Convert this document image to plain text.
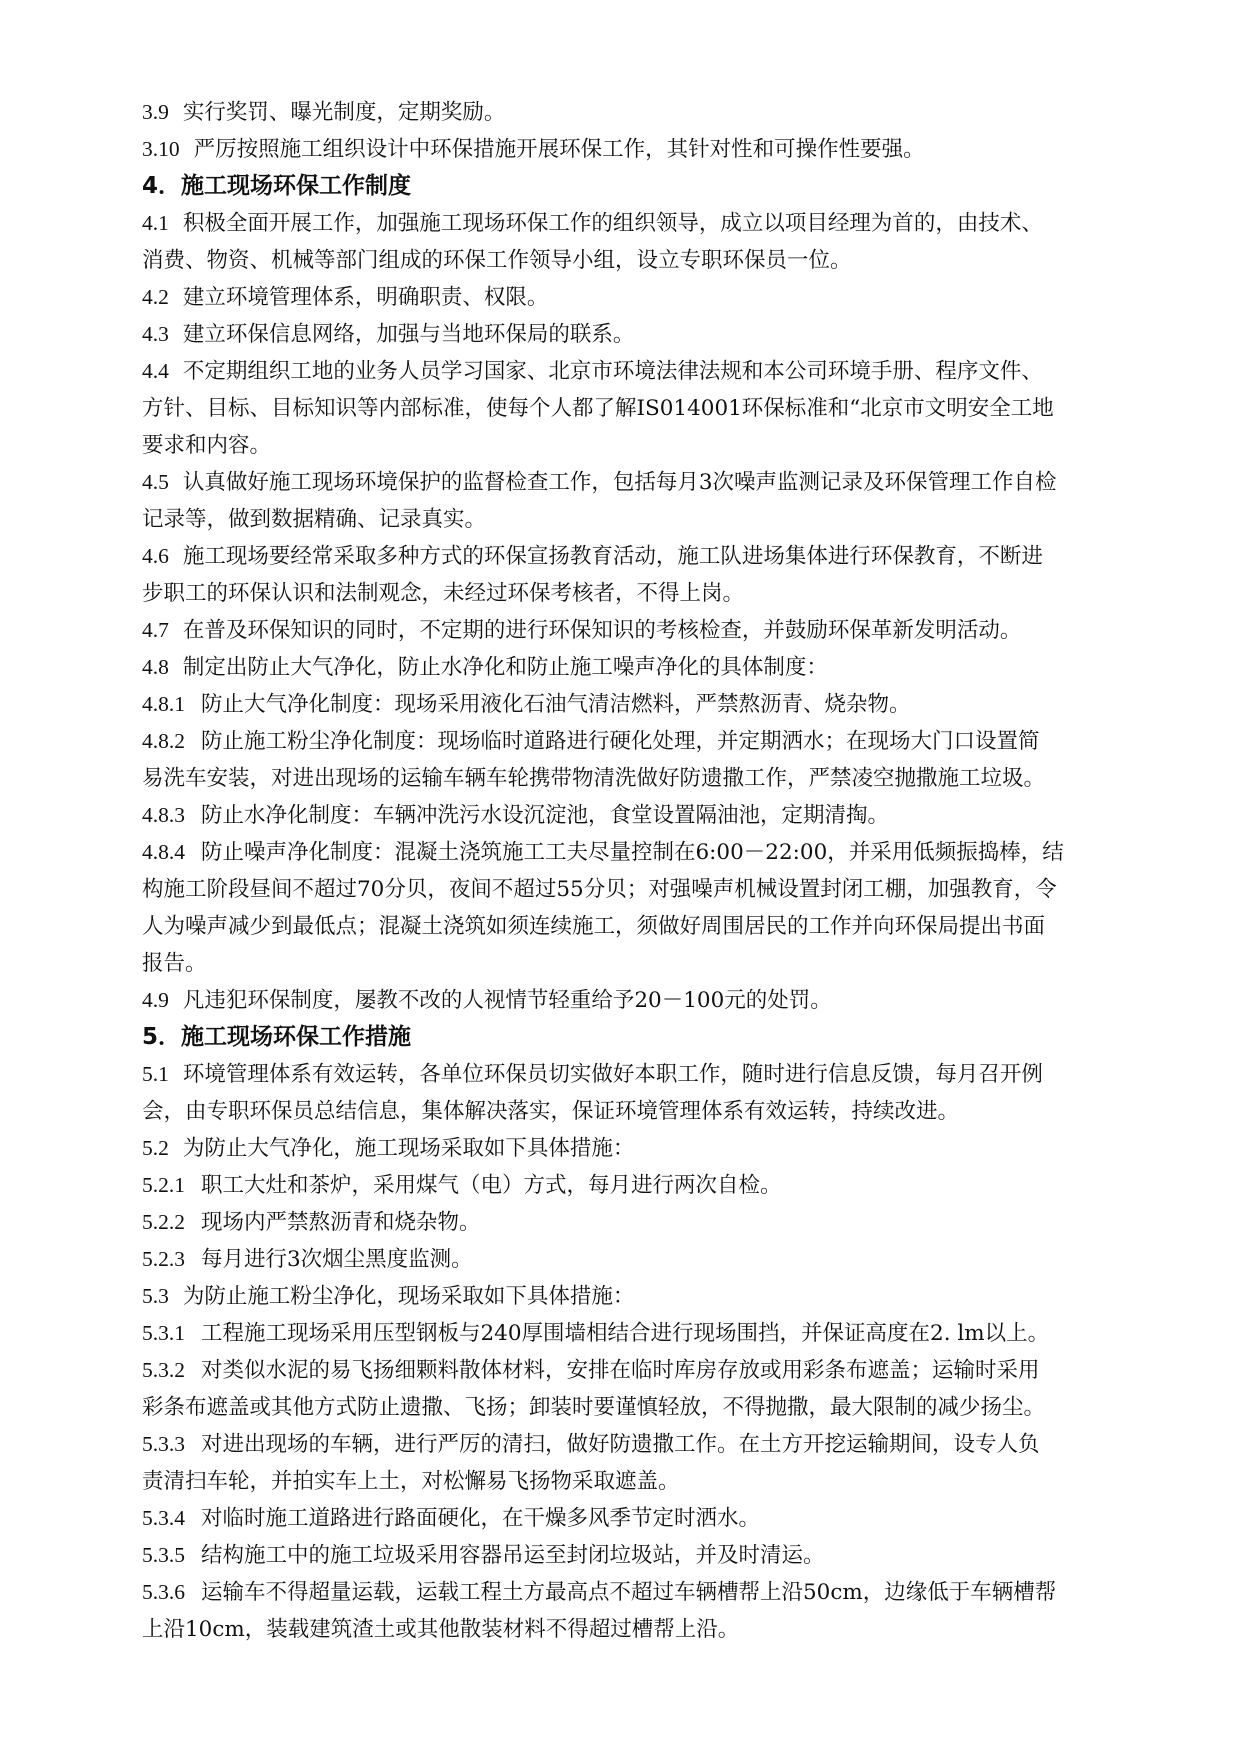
3.9 实行奖罚、曝光制度，定期奖励。

3.10 严厉按照施工组织设计中环保措施开展环保工作，其针对性和可操作性要强。

4．施工现场环保工作制度

4.1 积极全面开展工作，加强施工现场环保工作的组织领导，成立以项目经理为首的，由技术、

消费、物资、机械等部门组成的环保工作领导小组，设立专职环保员一位。

4.2 建立环境管理体系，明确职责、权限。

4.3 建立环保信息网络，加强与当地环保局的联系。

4.4 不定期组织工地的业务人员学习国家、北京市环境法律法规和本公司环境手册、程序文件、

方针、目标、目标知识等内部标准，使每个人都了解IS014001环保标准和“北京市文明安全工地

要求和内容。

4.5 认真做好施工现场环境保护的监督检查工作，包括每月3次噪声监测记录及环保管理工作自检

记录等，做到数据精确、记录真实。

4.6 施工现场要经常采取多种方式的环保宣扬教育活动，施工队进场集体进行环保教育，不断进

步职工的环保认识和法制观念，未经过环保考核者，不得上岗。

4.7 在普及环保知识的同时，不定期的进行环保知识的考核检查，并鼓励环保革新发明活动。

4.8 制定出防止大气净化，防止水净化和防止施工噪声净化的具体制度：

4.8.1 防止大气净化制度：现场采用液化石油气清洁燃料，严禁熬沥青、烧杂物。

4.8.2 防止施工粉尘净化制度：现场临时道路进行硬化处理，并定期洒水；在现场大门口设置简

易洗车安装，对进出现场的运输车辆车轮携带物清洗做好防遗撒工作，严禁凌空抛撒施工垃圾。

4.8.3 防止水净化制度：车辆冲洗污水设沉淀池，食堂设置隔油池，定期清掏。

4.8.4 防止噪声净化制度：混凝土浇筑施工工夫尽量控制在6:00－22:00，并采用低频振捣棒，结

构施工阶段昼间不超过70分贝，夜间不超过55分贝；对强噪声机械设置封闭工棚，加强教育，令

人为噪声减少到最低点；混凝土浇筑如须连续施工，须做好周围居民的工作并向环保局提出书面

报告。

4.9 凡违犯环保制度，屡教不改的人视情节轻重给予20－100元的处罚。

5．施工现场环保工作措施

5.1 环境管理体系有效运转，各单位环保员切实做好本职工作，随时进行信息反馈，每月召开例

会，由专职环保员总结信息，集体解决落实，保证环境管理体系有效运转，持续改进。

5.2 为防止大气净化，施工现场采取如下具体措施：

5.2.1 职工大灶和茶炉，采用煤气（电）方式，每月进行两次自检。

5.2.2 现场内严禁熬沥青和烧杂物。

5.2.3 每月进行3次烟尘黑度监测。

5.3 为防止施工粉尘净化，现场采取如下具体措施：

5.3.1 工程施工现场采用压型钢板与240厚围墙相结合进行现场围挡，并保证高度在2. lm以上。

5.3.2 对类似水泥的易飞扬细颗料散体材料，安排在临时库房存放或用彩条布遮盖；运输时采用

彩条布遮盖或其他方式防止遗撒、飞扬；卸装时要谨慎轻放，不得抛撒，最大限制的减少扬尘。

5.3.3 对进出现场的车辆，进行严厉的清扫，做好防遗撒工作。在土方开挖运输期间，设专人负

责清扫车轮，并拍实车上土，对松懈易飞扬物采取遮盖。

5.3.4 对临时施工道路进行路面硬化，在干燥多风季节定时洒水。

5.3.5 结构施工中的施工垃圾采用容器吊运至封闭垃圾站，并及时清运。

5.3.6 运输车不得超量运载，运载工程土方最高点不超过车辆槽帮上沿50cm，边缘低于车辆槽帮

上沿10cm，装载建筑渣土或其他散装材料不得超过槽帮上沿。
